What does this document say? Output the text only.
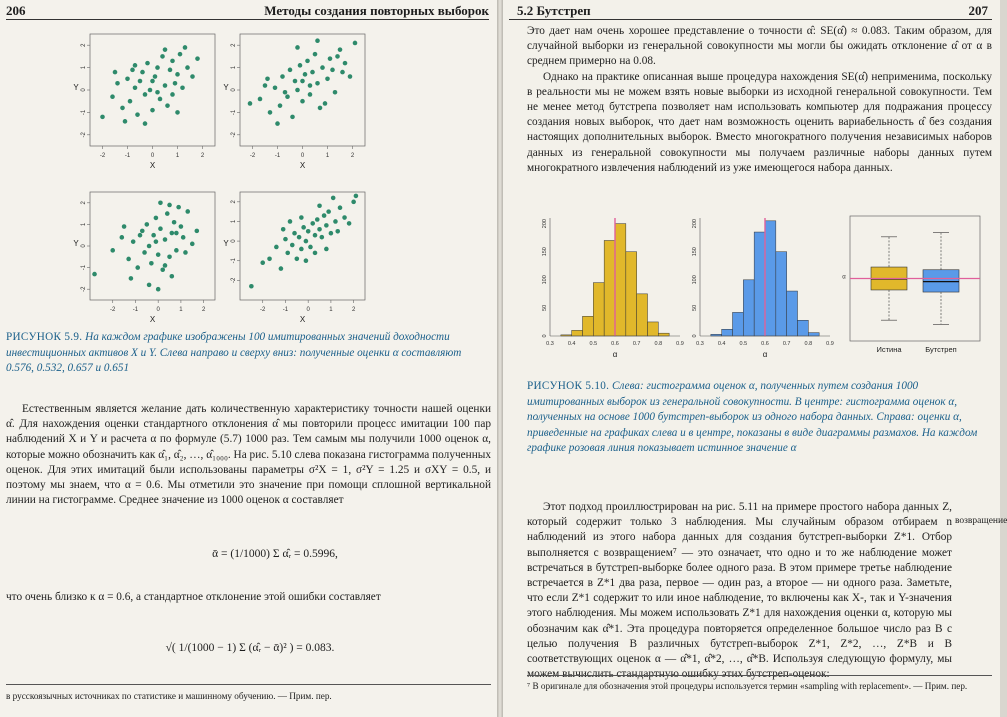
206	Методы создания повторных выборок
-2	-1	0	1	2
-2
-1
0
1
2
X
Y
-2	-1	0	1	2
-2
-1
0
1
2
X
Y
-2	-1	0	1	2
-2
-1
0
1
2
X
Y
-2	-1	0	1	2
-2
-1
0
1
2
X
Y
РИСУНОК 5.9. На каждом графике изображены 100 имитированных значений доходности инвестиционных активов X и Y. Слева направо и сверху вниз: полученные оценки α составляют 0.576, 0.532, 0.657 и 0.651

Естественным является желание дать количественную характеристику точности нашей оценки α̂. Для нахождения оценки стандартного отклонения α̂ мы повторили процесс имитации 100 пар наблюдений X и Y и расчета α по формуле (5.7) 1000 раз. Тем самым мы получили 1000 оценок α, которые можно обозначить как α̂₁, α̂₂, …, α̂₁₀₀₀. На рис. 5.10 слева показана гистограмма полученных оценок. Для этих имитаций были использованы параметры σ²X = 1, σ²Y = 1.25 и σXY = 0.5, и поэтому мы знаем, что α = 0.6. Мы отметили это значение при помощи сплошной вертикальной линии на гистограмме. Среднее значение из 1000 оценок α составляет

ᾱ = (1/1000) Σ α̂ᵣ = 0.5996,

что очень близко к α = 0.6, а стандартное отклонение этой ошибки составляет

√( 1/(1000 − 1) Σ (α̂ᵣ − ᾱ)² ) = 0.083.
в русскоязычных источниках по статистике и машинному обучению. — Прим. пер.
5.2 Бутстреп	207

Это дает нам очень хорошее представление о точности α̂: SE(α̂) ≈ 0.083. Таким образом, для случайной выборки из генеральной совокупности мы могли бы ожидать отклонение α̂ от α в среднем примерно на 0.08.

Однако на практике описанная выше процедура нахождения SE(α̂) неприменима, поскольку в реальности мы не можем взять новые выборки из исходной генеральной совокупности. Тем не менее метод бутстрепа позволяет нам использовать компьютер для подражания процессу создания новых выборок, что дает нам возможность оценить вариабельность α̂ без создания настоящих дополнительных выборок. Вместо многократного получения независимых наборов данных из генеральной совокупности мы получаем различные наборы данных путем многократного извлечения наблюдений из уже имеющегося набора данных.

0.3	0.4	0.5	0.6	0.7	0.8	0.9
0
50
100
150
200
α
0.3	0.4	0.5	0.6	0.7	0.8	0.9
0
50
100
150
200
α
Истина	Бутстреп
α
РИСУНОК 5.10. Слева: гистограмма оценок α, полученных путем создания 1000 имитированных выборок из генеральной совокупности. В центре: гистограмма оценок α, полученных на основе 1000 бутстреп-выборок из одного набора данных. Справа: оценки α, приведенные на графиках слева и в центре, показаны в виде диаграммы размахов. На каждом графике розовая линия показывает истинное значение α

Этот подход проиллюстрирован на рис. 5.11 на примере простого набора данных Z, который содержит только 3 наблюдения. Мы случайным образом отбираем n наблюдений из этого набора данных для создания бутстреп-выборки Z*1. Отбор выполняется с возвращением⁷ — это означает, что одно и то же наблюдение может встречаться в бутстреп-выборке более одного раза. В этом примере третье наблюдение встречается в Z*1 два раза, первое — один раз, а второе — ни одного раза. Заметьте, что если Z*1 содержит то или иное наблюдение, то включены как X-, так и Y-значения этого наблюдения. Мы можем использовать Z*1 для нахождения оценки α, которую мы обозначим как α̂*1. Эта процедура повторяется определенное большое число раз B с целью получения B различных бутстреп-выборок Z*1, Z*2, …, Z*B и B соответствующих оценок α — α̂*1, α̂*2, …, α̂*B. Используя следующую формулу, мы

возвращение
⁷ В оригинале для обозначения этой процедуры используется термин «sampling with replacement». — Прим. пер.
